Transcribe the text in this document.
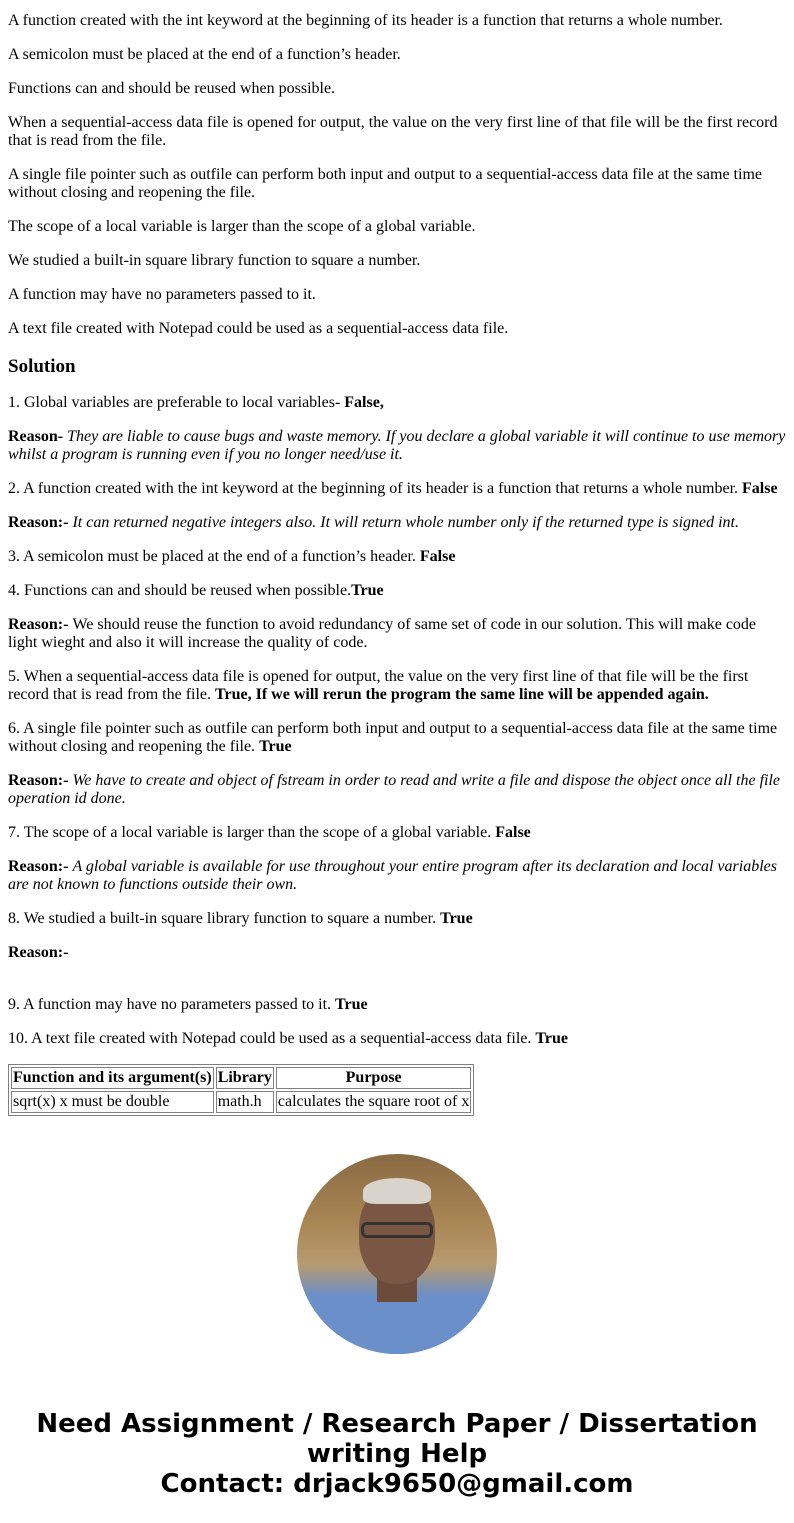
A function created with the int keyword at the beginning of its header is a function that returns a whole number.

A semicolon must be placed at the end of a function’s header.

Functions can and should be reused when possible.

When a sequential-access data file is opened for output, the value on the very first line of that file will be the first record that is read from the file.

A single file pointer such as outfile can perform both input and output to a sequential-access data file at the same time without closing and reopening the file.

The scope of a local variable is larger than the scope of a global variable.

We studied a built-in square library function to square a number.

A function may have no parameters passed to it.

A text file created with Notepad could be used as a sequential-access data file.

Solution

1. Global variables are preferable to local variables- False,

Reason- They are liable to cause bugs and waste memory. If you declare a global variable it will continue to use memory whilst a program is running even if you no longer need/use it.

2. A function created with the int keyword at the beginning of its header is a function that returns a whole number. False

Reason:- It can returned negative integers also. It will return whole number only if the returned type is signed int.

3. A semicolon must be placed at the end of a function’s header. False

4. Functions can and should be reused when possible.True

Reason:- We should reuse the function to avoid redundancy of same set of code in our solution. This will make code light wieght and also it will increase the quality of code.

5. When a sequential-access data file is opened for output, the value on the very first line of that file will be the first record that is read from the file. True, If we will rerun the program the same line will be appended again.

6. A single file pointer such as outfile can perform both input and output to a sequential-access data file at the same time without closing and reopening the file. True

Reason:- We have to create and object of fstream in order to read and write a file and dispose the object once all the file operation id done.

7. The scope of a local variable is larger than the scope of a global variable. False

Reason:- A global variable is available for use throughout your entire program after its declaration and local variables are not known to functions outside their own.

8. We studied a built-in square library function to square a number. True

Reason:-

9. A function may have no parameters passed to it. True

10. A text file created with Notepad could be used as a sequential-access data file. True

Function and its argument(s)	Library	Purpose
sqrt(x) x must be double	math.h	calculates the square root of x
Need Assignment / Research Paper / Dissertation writing Help
Contact: drjack9650@gmail.com
